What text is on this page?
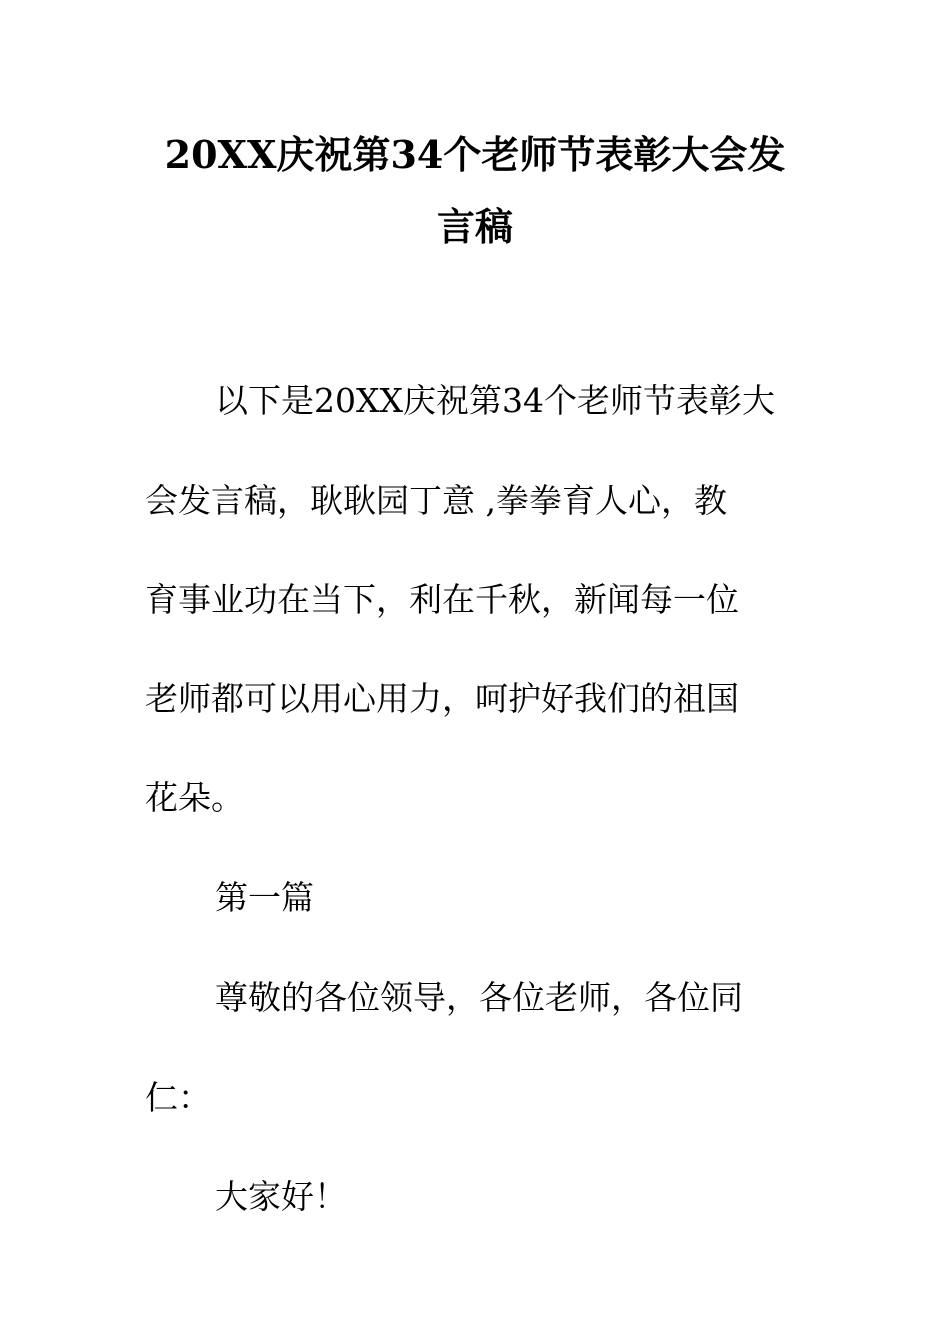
20XX庆祝第34个老师节表彰大会发
言稿
以下是20XX庆祝第34个老师节表彰大
会发言稿，耿耿园丁意 ,拳拳育人心，教
育事业功在当下，利在千秋，新闻每一位
老师都可以用心用力，呵护好我们的祖国
花朵。
第一篇
尊敬的各位领导，各位老师，各位同
仁：
大家好！
